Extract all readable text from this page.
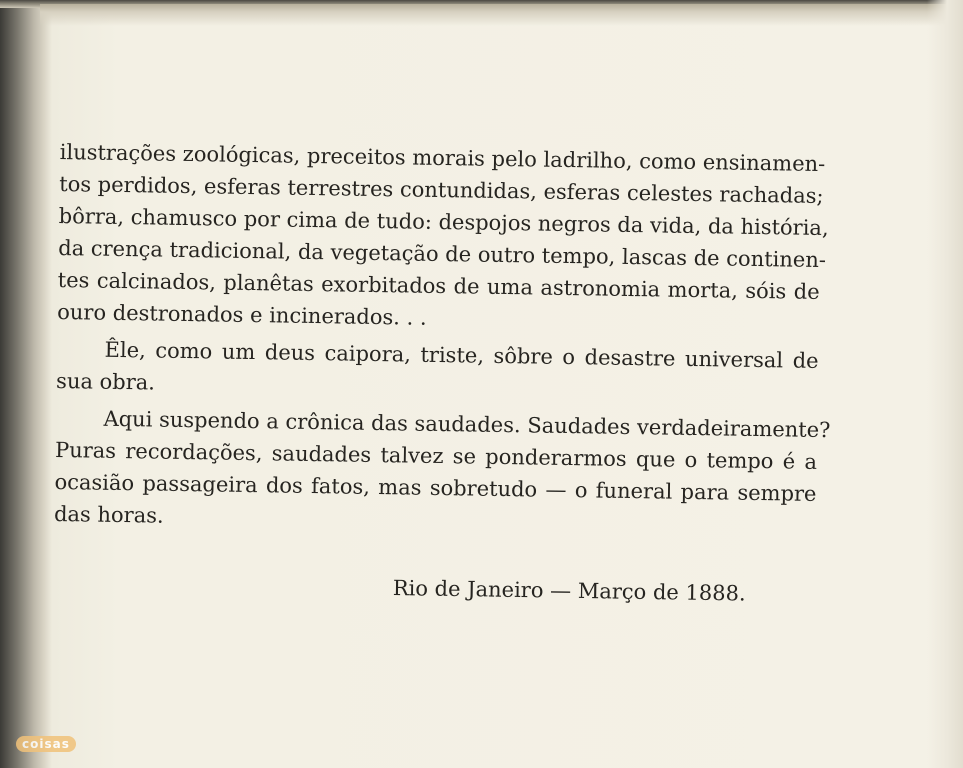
ilustrações zoológicas, preceitos morais pelo ladrilho, como ensinamen-
tos perdidos, esferas terrestres contundidas, esferas celestes rachadas;
bôrra, chamusco por cima de tudo: despojos negros da vida, da história,
da crença tradicional, da vegetação de outro tempo, lascas de continen-
tes calcinados, planêtas exorbitados de uma astronomia morta, sóis de
ouro destronados e incinerados. . .
Êle, como um deus caipora, triste, sôbre o desastre universal de
sua obra.
Aqui suspendo a crônica das saudades. Saudades verdadeiramente?
Puras recordações, saudades talvez se ponderarmos que o tempo é a
ocasião passageira dos fatos, mas sobretudo — o funeral para sempre
das horas.
Rio de Janeiro — Março de 1888.
coisas
